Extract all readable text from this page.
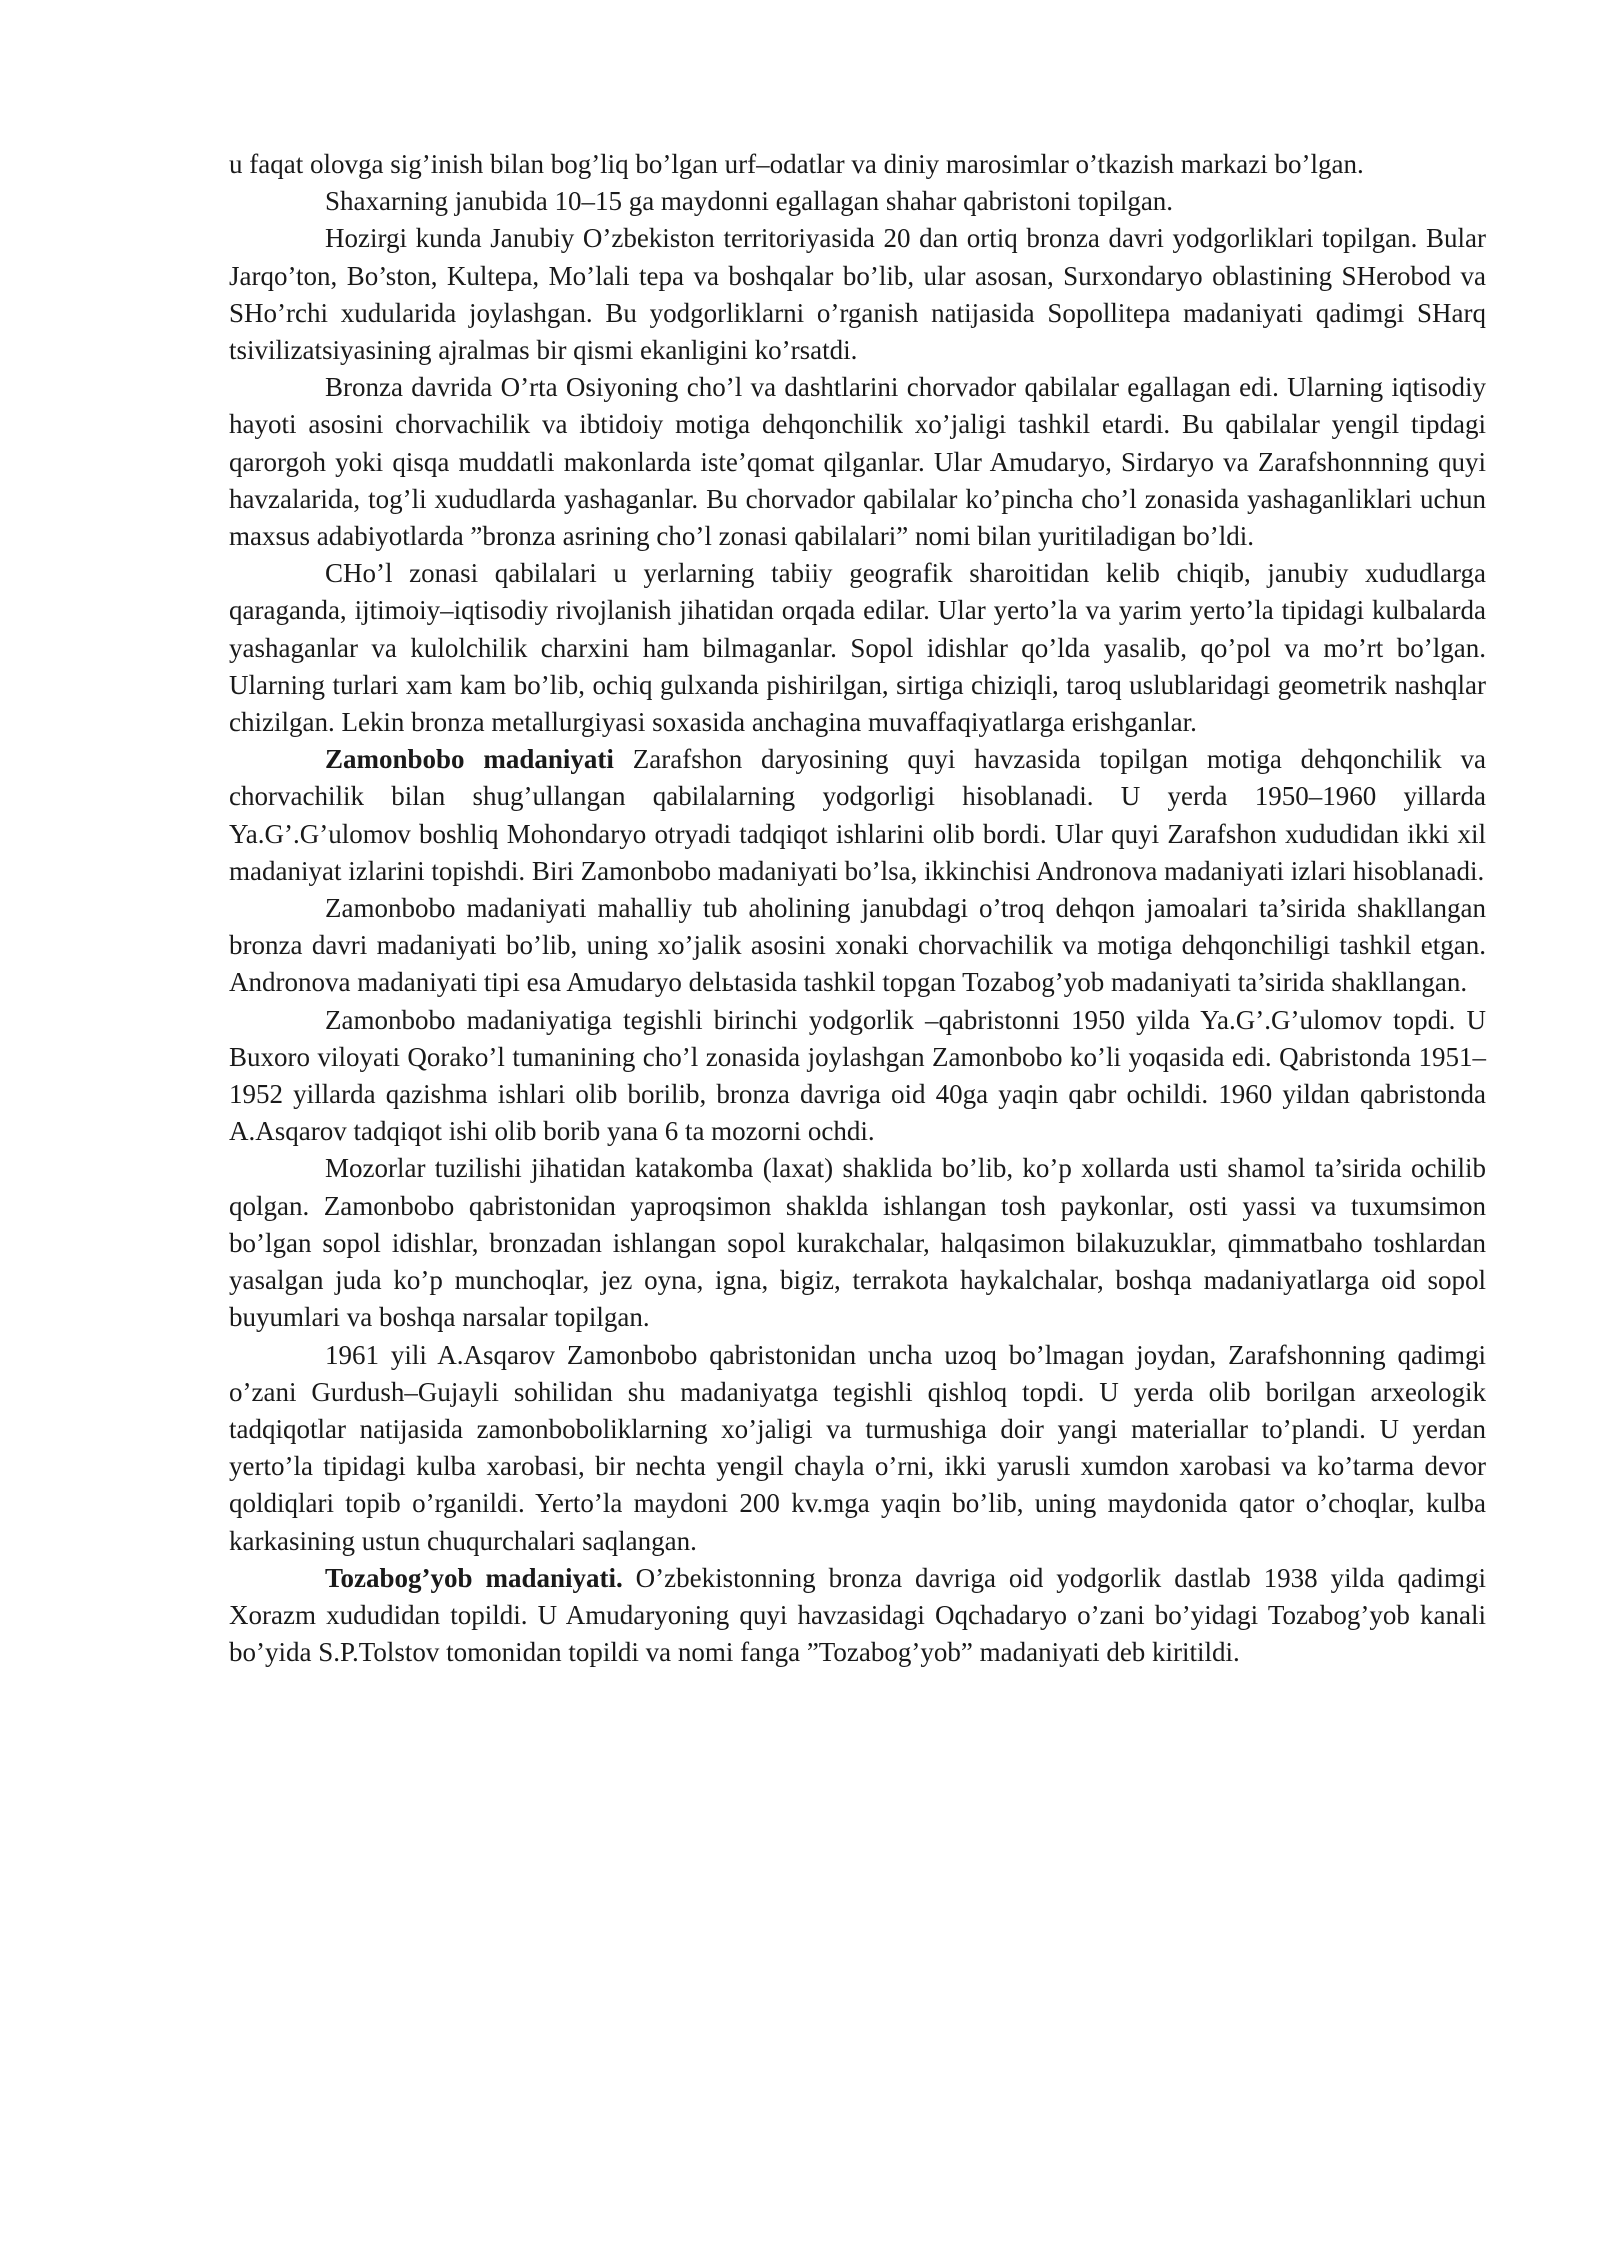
u faqat olovga sig’inish bilan bog’liq bo’lgan urf–odatlar va diniy marosimlar o’tkazish markazi bo’lgan.

Shaxarning janubida 10–15 ga maydonni egallagan shahar qabristoni topilgan.

Hozirgi kunda Janubiy O’zbekiston territoriyasida 20 dan ortiq bronza davri yodgorliklari topilgan. Bular Jarqo’ton, Bo’ston, Kultepa, Mo’lali tepa va boshqalar bo’lib, ular asosan, Surxondaryo oblastining SHerobod va SHo’rchi xudularida joylashgan. Bu yodgorliklarni o’rganish natijasida Sopollitepa madaniyati qadimgi SHarq tsivilizatsiyasining ajralmas bir qismi ekanligini ko’rsatdi.

Bronza davrida O’rta Osiyoning cho’l va dashtlarini chorvador qabilalar egallagan edi. Ularning iqtisodiy hayoti asosini chorvachilik va ibtidoiy motiga dehqonchilik xo’jaligi tashkil etardi. Bu qabilalar yengil tipdagi qarorgoh yoki qisqa muddatli makonlarda iste’qomat qilganlar. Ular Amudaryo, Sirdaryo va Zarafshonnning quyi havzalarida, tog’li xududlarda yashaganlar. Bu chorvador qabilalar ko’pincha cho’l zonasida yashaganliklari uchun maxsus adabiyotlarda ”bronza asrining cho’l zonasi qabilalari” nomi bilan yuritiladigan bo’ldi.

CHo’l zonasi qabilalari u yerlarning tabiiy geografik sharoitidan kelib chiqib, janubiy xududlarga qaraganda, ijtimoiy–iqtisodiy rivojlanish jihatidan orqada edilar. Ular yerto’la va yarim yerto’la tipidagi kulbalarda yashaganlar va kulolchilik charxini ham bilmaganlar. Sopol idishlar qo’lda yasalib, qo’pol va mo’rt bo’lgan. Ularning turlari xam kam bo’lib, ochiq gulxanda pishirilgan, sirtiga chiziqli, taroq uslublaridagi geometrik nashqlar chizilgan. Lekin bronza metallurgiyasi soxasida anchagina muvaffaqiyatlarga erishganlar.

Zamonbobo madaniyati Zarafshon daryosining quyi havzasida topilgan motiga dehqonchilik va chorvachilik bilan shug’ullangan qabilalarning yodgorligi hisoblanadi. U yerda 1950–1960 yillarda Ya.G’.G’ulomov boshliq Mohondaryo otryadi tadqiqot ishlarini olib bordi. Ular quyi Zarafshon xududidan ikki xil madaniyat izlarini topishdi. Biri Zamonbobo madaniyati bo’lsa, ikkinchisi Andronova madaniyati izlari hisoblanadi.

Zamonbobo madaniyati mahalliy tub aholining janubdagi o’troq dehqon jamoalari ta’sirida shakllangan bronza davri madaniyati bo’lib, uning xo’jalik asosini xonaki chorvachilik va motiga dehqonchiligi tashkil etgan. Andronova madaniyati tipi esa Amudaryo delьtasida tashkil topgan Tozabog’yob madaniyati ta’sirida shakllangan.

Zamonbobo madaniyatiga tegishli birinchi yodgorlik –qabristonni 1950 yilda Ya.G’.G’ulomov topdi. U Buxoro viloyati Qorako’l tumanining cho’l zonasida joylashgan Zamonbobo ko’li yoqasida edi. Qabristonda 1951–1952 yillarda qazishma ishlari olib borilib, bronza davriga oid 40ga yaqin qabr ochildi. 1960 yildan qabristonda A.Asqarov tadqiqot ishi olib borib yana 6 ta mozorni ochdi.

Mozorlar tuzilishi jihatidan katakomba (laxat) shaklida bo’lib, ko’p xollarda usti shamol ta’sirida ochilib qolgan. Zamonbobo qabristonidan yaproqsimon shaklda ishlangan tosh paykonlar, osti yassi va tuxumsimon bo’lgan sopol idishlar, bronzadan ishlangan sopol kurakchalar, halqasimon bilakuzuklar, qimmatbaho toshlardan yasalgan juda ko’p munchoqlar, jez oyna, igna, bigiz, terrakota haykalchalar, boshqa madaniyatlarga oid sopol buyumlari va boshqa narsalar topilgan.

1961 yili A.Asqarov Zamonbobo qabristonidan uncha uzoq bo’lmagan joydan, Zarafshonning qadimgi o’zani Gurdush–Gujayli sohilidan shu madaniyatga tegishli qishloq topdi. U yerda olib borilgan arxeologik tadqiqotlar natijasida zamonboboliklarning xo’jaligi va turmushiga doir yangi materiallar to’plandi. U yerdan yerto’la tipidagi kulba xarobasi, bir nechta yengil chayla o’rni, ikki yarusli xumdon xarobasi va ko’tarma devor qoldiqlari topib o’rganildi. Yerto’la maydoni 200 kv.mga yaqin bo’lib, uning maydonida qator o’choqlar, kulba karkasining ustun chuqurchalari saqlangan.

Tozabog’yob madaniyati. O’zbekistonning bronza davriga oid yodgorlik dastlab 1938 yilda qadimgi Xorazm xududidan topildi. U Amudaryoning quyi havzasidagi Oqchadaryo o’zani bo’yidagi Tozabog’yob kanali bo’yida S.P.Tolstov tomonidan topildi va nomi fanga ”Tozabog’yob” madaniyati deb kiritildi.
